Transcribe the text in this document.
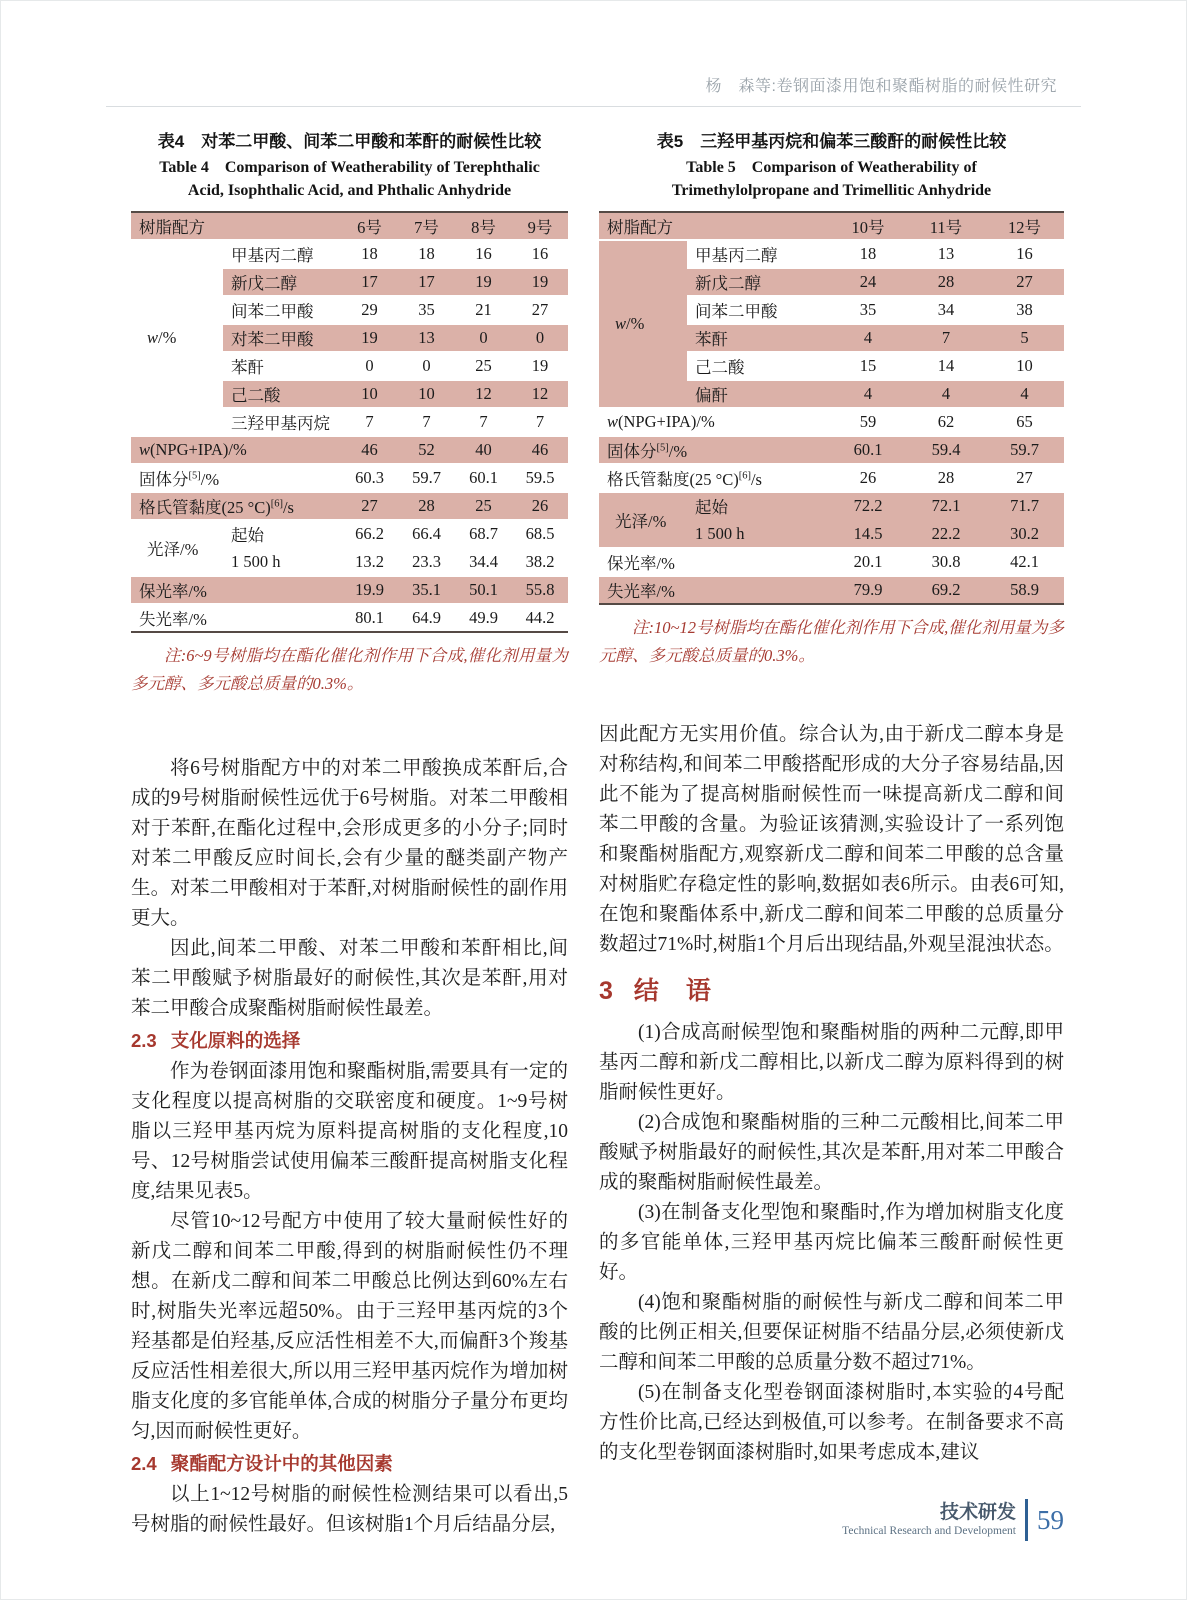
杨　森等:卷钢面漆用饱和聚酯树脂的耐候性研究
表4　对苯二甲酸、间苯二甲酸和苯酐的耐候性比较
Table 4 Comparison of Weatherability of Terephthalic
Acid, Isophthalic Acid, and Phthalic Anhydride
树脂配方		6号	7号	8号	9号
w/%	甲基丙二醇	18	18	16	16
	新戊二醇	17	17	19	19
	间苯二甲酸	29	35	21	27
	对苯二甲酸	19	13	0	0
	苯酐	0	0	25	19
	己二酸	10	10	12	12
	三羟甲基丙烷	7	7	7	7
w(NPG+IPA)/%		46	52	40	46
固体分[5]/%		60.3	59.7	60.1	59.5
格氏管黏度(25 °C)[6]/s		27	28	25	26
光泽/%	起始	66.2	66.4	68.7	68.5
	1 500 h	13.2	23.3	34.4	38.2
保光率/%		19.9	35.1	50.1	55.8
失光率/%		80.1	64.9	49.9	44.2
注:6~9号树脂均在酯化催化剂作用下合成,催化剂用量为多元醇、多元酸总质量的0.3%。

将6号树脂配方中的对苯二甲酸换成苯酐后,合成的9号树脂耐候性远优于6号树脂。对苯二甲酸相对于苯酐,在酯化过程中,会形成更多的小分子;同时对苯二甲酸反应时间长,会有少量的醚类副产物产生。对苯二甲酸相对于苯酐,对树脂耐候性的副作用更大。

因此,间苯二甲酸、对苯二甲酸和苯酐相比,间苯二甲酸赋予树脂最好的耐候性,其次是苯酐,用对苯二甲酸合成聚酯树脂耐候性最差。

2.3 支化原料的选择

作为卷钢面漆用饱和聚酯树脂,需要具有一定的支化程度以提高树脂的交联密度和硬度。1~9号树脂以三羟甲基丙烷为原料提高树脂的支化程度,10号、12号树脂尝试使用偏苯三酸酐提高树脂支化程度,结果见表5。

尽管10~12号配方中使用了较大量耐候性好的新戊二醇和间苯二甲酸,得到的树脂耐候性仍不理想。在新戊二醇和间苯二甲酸总比例达到60%左右时,树脂失光率远超50%。由于三羟甲基丙烷的3个羟基都是伯羟基,反应活性相差不大,而偏酐3个羧基反应活性相差很大,所以用三羟甲基丙烷作为增加树脂支化度的多官能单体,合成的树脂分子量分布更均匀,因而耐候性更好。

2.4 聚酯配方设计中的其他因素

以上1~12号树脂的耐候性检测结果可以看出,5号树脂的耐候性最好。但该树脂1个月后结晶分层,

表5　三羟甲基丙烷和偏苯三酸酐的耐候性比较
Table 5 Comparison of Weatherability of
Trimethylolpropane and Trimellitic Anhydride
树脂配方		10号	11号	12号
w/%	甲基丙二醇	18	13	16
	新戊二醇	24	28	27
	间苯二甲酸	35	34	38
	苯酐	4	7	5
	己二酸	15	14	10
	偏酐	4	4	4
w(NPG+IPA)/%		59	62	65
固体分[5]/%		60.1	59.4	59.7
格氏管黏度(25 °C)[6]/s		26	28	27
光泽/%	起始	72.2	72.1	71.7
	1 500 h	14.5	22.2	30.2
保光率/%		20.1	30.8	42.1
失光率/%		79.9	69.2	58.9
注:10~12号树脂均在酯化催化剂作用下合成,催化剂用量为多元醇、多元酸总质量的0.3%。

因此配方无实用价值。综合认为,由于新戊二醇本身是对称结构,和间苯二甲酸搭配形成的大分子容易结晶,因此不能为了提高树脂耐候性而一味提高新戊二醇和间苯二甲酸的含量。为验证该猜测,实验设计了一系列饱和聚酯树脂配方,观察新戊二醇和间苯二甲酸的总含量对树脂贮存稳定性的影响,数据如表6所示。由表6可知,在饱和聚酯体系中,新戊二醇和间苯二甲酸的总质量分数超过71%时,树脂1个月后出现结晶,外观呈混浊状态。

3 结　语

(1)合成高耐候型饱和聚酯树脂的两种二元醇,即甲基丙二醇和新戊二醇相比,以新戊二醇为原料得到的树脂耐候性更好。

(2)合成饱和聚酯树脂的三种二元酸相比,间苯二甲酸赋予树脂最好的耐候性,其次是苯酐,用对苯二甲酸合成的聚酯树脂耐候性最差。

(3)在制备支化型饱和聚酯时,作为增加树脂支化度的多官能单体,三羟甲基丙烷比偏苯三酸酐耐候性更好。

(4)饱和聚酯树脂的耐候性与新戊二醇和间苯二甲酸的比例正相关,但要保证树脂不结晶分层,必须使新戊二醇和间苯二甲酸的总质量分数不超过71%。

(5)在制备支化型卷钢面漆树脂时,本实验的4号配方性价比高,已经达到极值,可以参考。在制备要求不高的支化型卷钢面漆树脂时,如果考虑成本,建议

技术研发
Technical Research and Development 59
